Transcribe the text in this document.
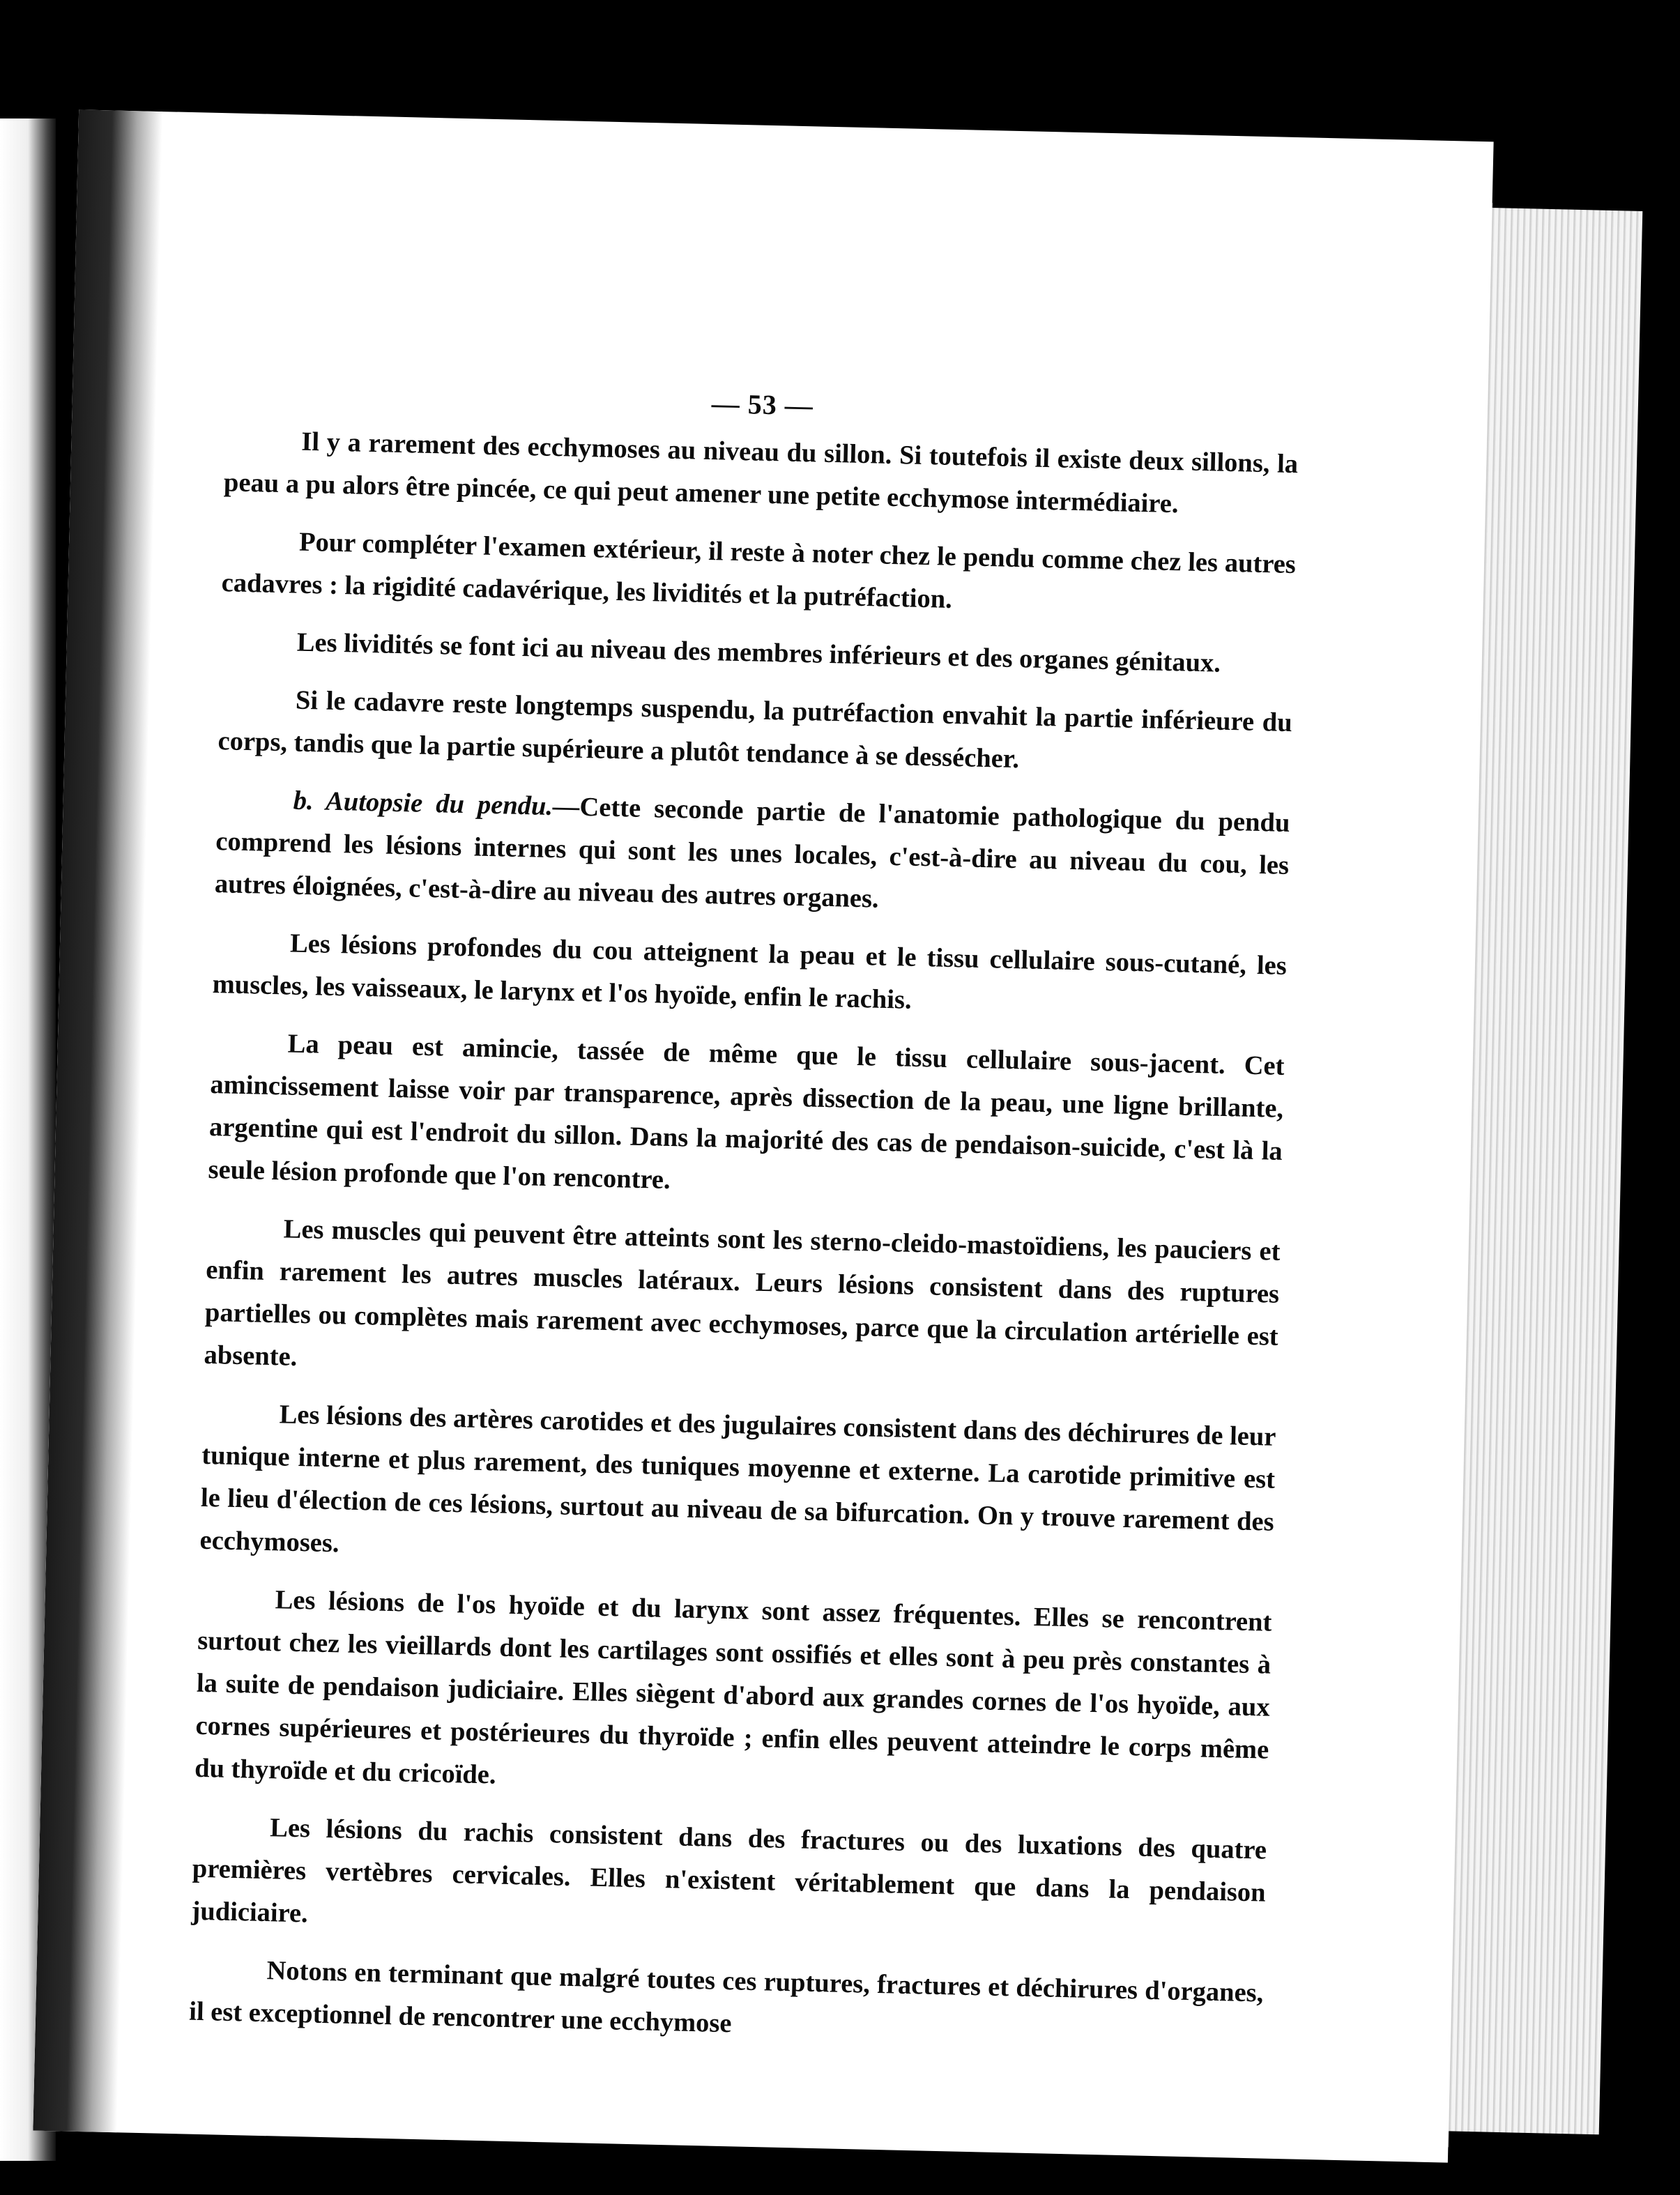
— 53 —

Il y a rarement des ecchymoses au niveau du sillon. Si toutefois il existe deux sillons, la peau a pu alors être pincée, ce qui peut amener une petite ecchymose intermédiaire.

Pour compléter l'examen extérieur, il reste à noter chez le pendu comme chez les autres cadavres : la rigidité cadavérique, les lividités et la putréfaction.

Les lividités se font ici au niveau des membres inférieurs et des organes génitaux.

Si le cadavre reste longtemps suspendu, la putréfaction envahit la partie inférieure du corps, tandis que la partie supérieure a plutôt tendance à se dessécher.

b. Autopsie du pendu.—Cette seconde partie de l'anatomie pathologique du pendu comprend les lésions internes qui sont les unes locales, c'est-à-dire au niveau du cou, les autres éloignées, c'est-à-dire au niveau des autres organes.

Les lésions profondes du cou atteignent la peau et le tissu cellulaire sous-cutané, les muscles, les vaisseaux, le larynx et l'os hyoïde, enfin le rachis.

La peau est amincie, tassée de même que le tissu cellulaire sous-jacent. Cet amincissement laisse voir par transparence, après dissection de la peau, une ligne brillante, argentine qui est l'endroit du sillon. Dans la majorité des cas de pendaison-suicide, c'est là la seule lésion profonde que l'on rencontre.

Les muscles qui peuvent être atteints sont les sterno-cleido-mastoïdiens, les pauciers et enfin rarement les autres muscles latéraux. Leurs lésions consistent dans des ruptures partielles ou complètes mais rarement avec ecchymoses, parce que la circulation artérielle est absente.

Les lésions des artères carotides et des jugulaires consistent dans des déchirures de leur tunique interne et plus rarement, des tuniques moyenne et externe. La carotide primitive est le lieu d'élection de ces lésions, surtout au niveau de sa bifurcation. On y trouve rarement des ecchymoses.

Les lésions de l'os hyoïde et du larynx sont assez fréquentes. Elles se rencontrent surtout chez les vieillards dont les cartilages sont ossifiés et elles sont à peu près constantes à la suite de pendaison judiciaire. Elles siègent d'abord aux grandes cornes de l'os hyoïde, aux cornes supérieures et postérieures du thyroïde ; enfin elles peuvent atteindre le corps même du thyroïde et du cricoïde.

Les lésions du rachis consistent dans des fractures ou des luxations des quatre premières vertèbres cervicales. Elles n'existent véritablement que dans la pendaison judiciaire.

Notons en terminant que malgré toutes ces ruptures, fractures et déchirures d'organes, il est exceptionnel de rencontrer une ecchymose
